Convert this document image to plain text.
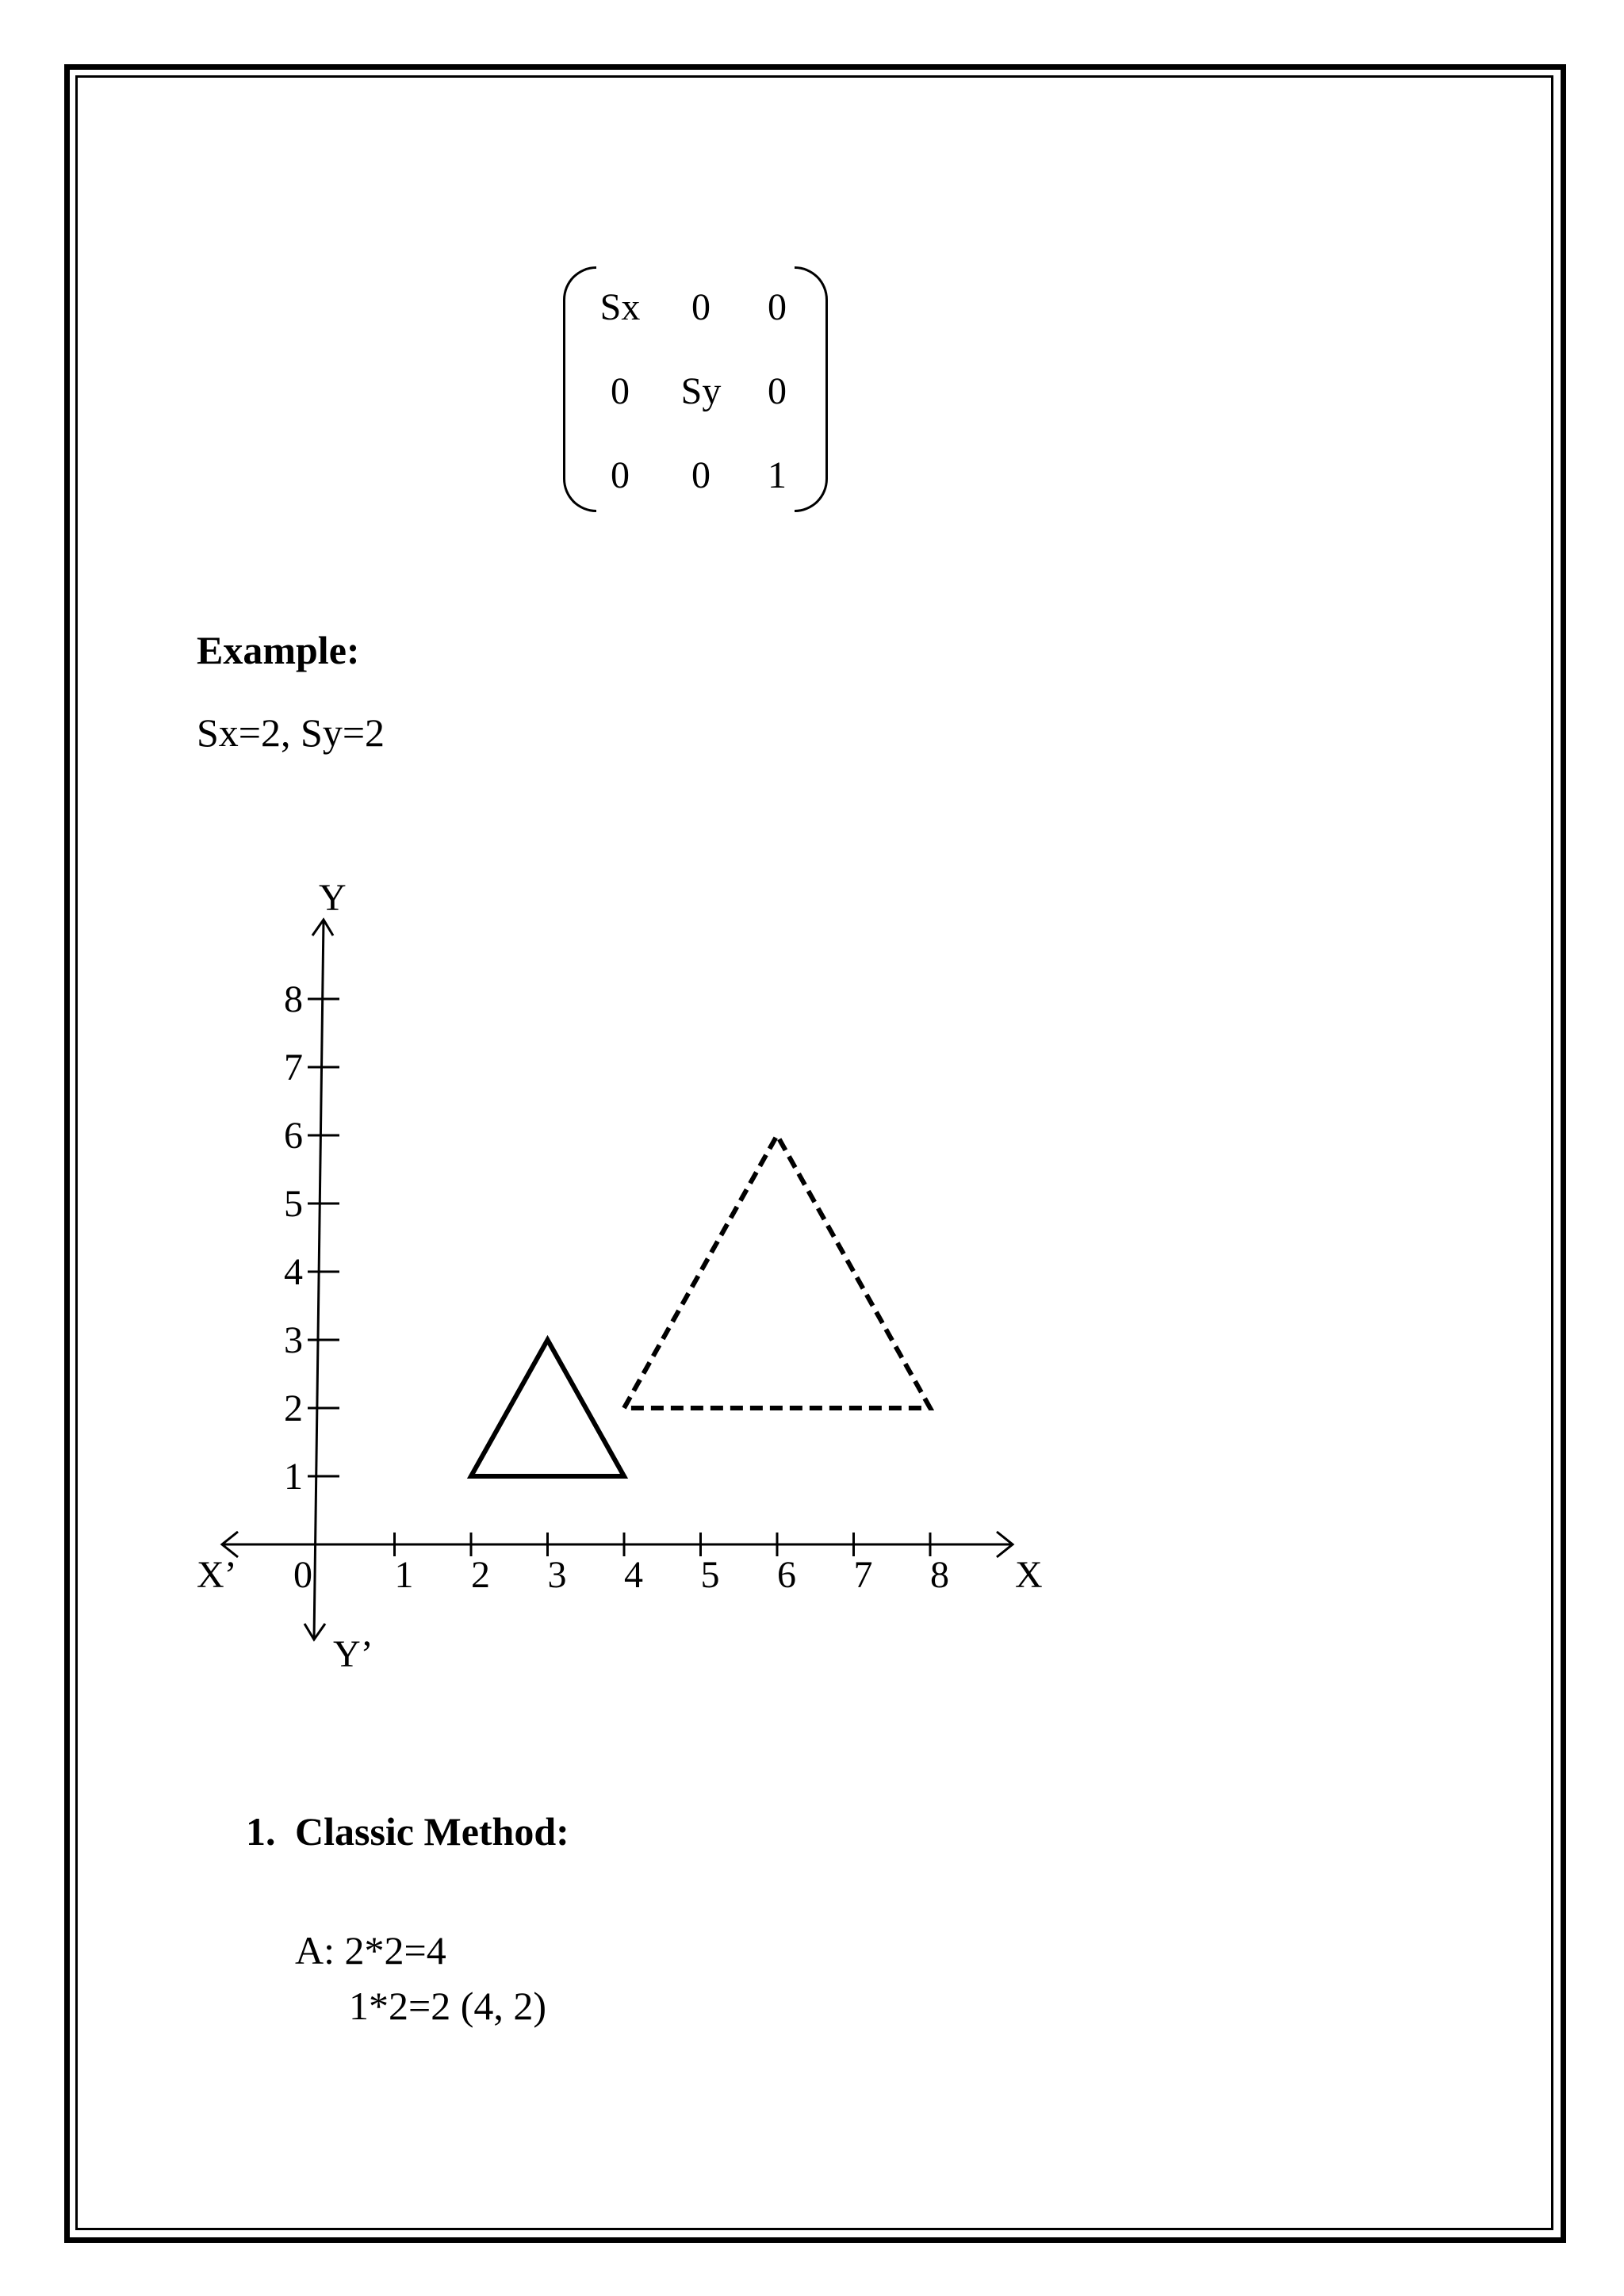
Sx	0	0
0	Sy	0
0	0	1
Example:
Sx=2, Sy=2
1 2 3 4 5 6 7 8
1
2
3
4
5
6
7
8
0
X’	X
Y
Y’
1. Classic Method:
A: 2*2=4
1*2=2 (4, 2)
